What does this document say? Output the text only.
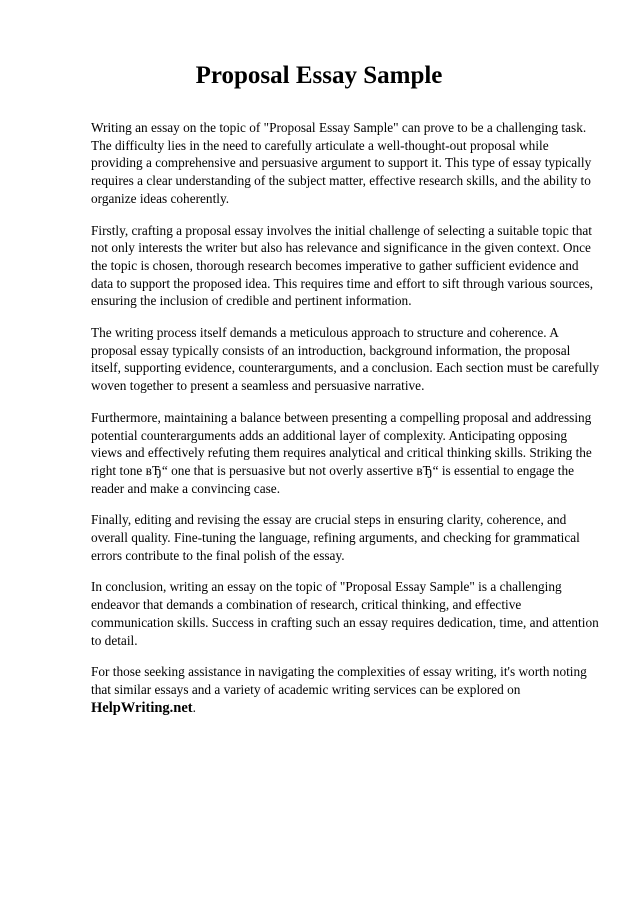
Proposal Essay Sample

Writing an essay on the topic of "Proposal Essay Sample" can prove to be a challenging task. The difficulty lies in the need to carefully articulate a well-thought-out proposal while providing a comprehensive and persuasive argument to support it. This type of essay typically requires a clear understanding of the subject matter, effective research skills, and the ability to organize ideas coherently.

Firstly, crafting a proposal essay involves the initial challenge of selecting a suitable topic that not only interests the writer but also has relevance and significance in the given context. Once the topic is chosen, thorough research becomes imperative to gather sufficient evidence and data to support the proposed idea. This requires time and effort to sift through various sources, ensuring the inclusion of credible and pertinent information.

The writing process itself demands a meticulous approach to structure and coherence. A proposal essay typically consists of an introduction, background information, the proposal itself, supporting evidence, counterarguments, and a conclusion. Each section must be carefully woven together to present a seamless and persuasive narrative.

Furthermore, maintaining a balance between presenting a compelling proposal and addressing potential counterarguments adds an additional layer of complexity. Anticipating opposing views and effectively refuting them requires analytical and critical thinking skills. Striking the right tone вЂ“ one that is persuasive but not overly assertive вЂ“ is essential to engage the reader and make a convincing case.

Finally, editing and revising the essay are crucial steps in ensuring clarity, coherence, and overall quality. Fine-tuning the language, refining arguments, and checking for grammatical errors contribute to the final polish of the essay.

In conclusion, writing an essay on the topic of "Proposal Essay Sample" is a challenging endeavor that demands a combination of research, critical thinking, and effective communication skills. Success in crafting such an essay requires dedication, time, and attention to detail.

For those seeking assistance in navigating the complexities of essay writing, it's worth noting that similar essays and a variety of academic writing services can be explored on HelpWriting.net.
